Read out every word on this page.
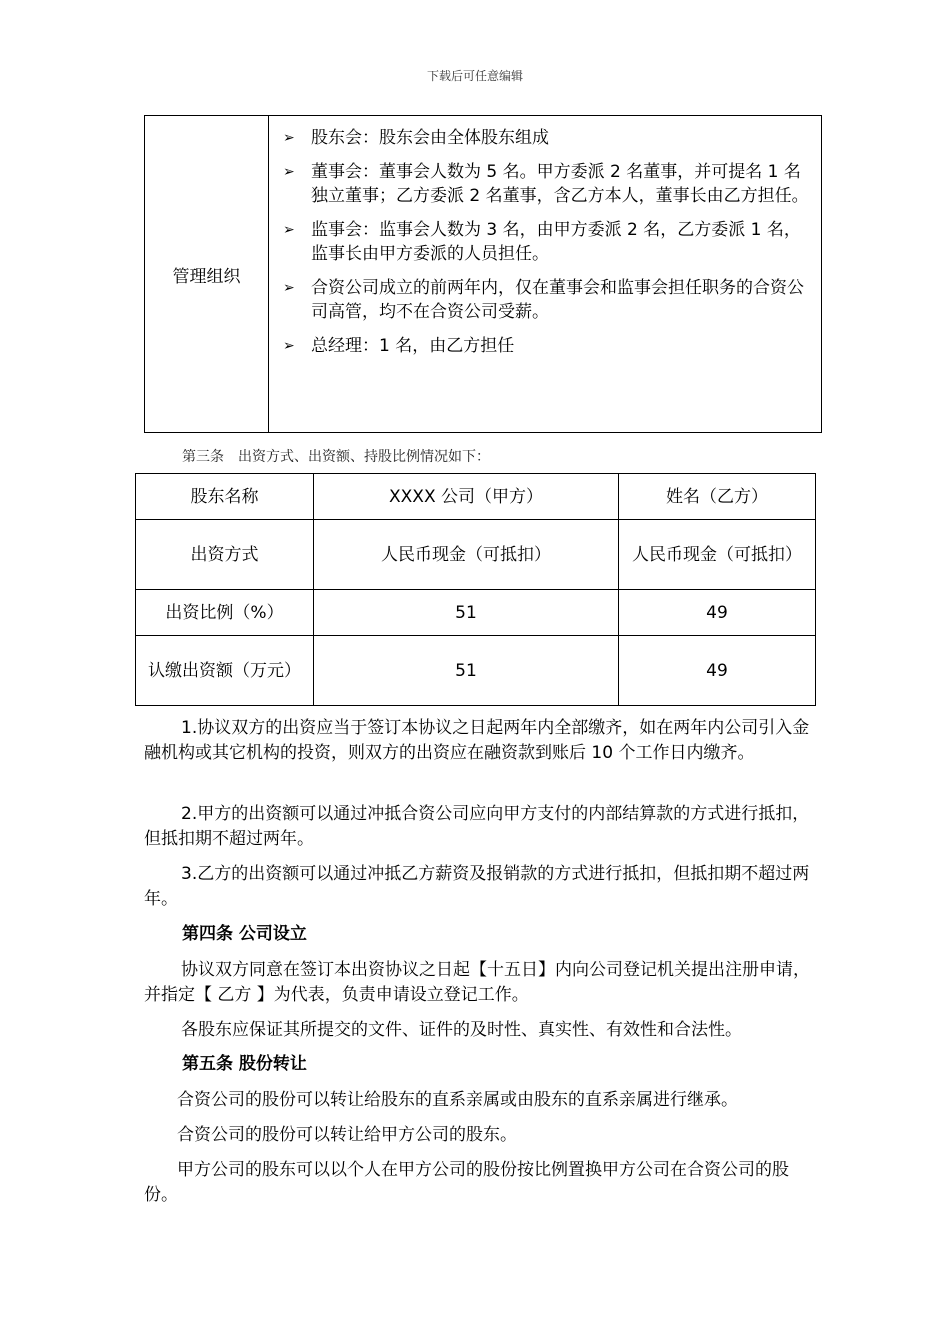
下载后可任意编辑
管理组织
➢ 股东会：股东会由全体股东组成
➢ 董事会：董事会人数为 5 名。甲方委派 2 名董事，并可提名 1 名独立董事；乙方委派 2 名董事，含乙方本人，董事长由乙方担任。
➢ 监事会：监事会人数为 3 名，由甲方委派 2 名，乙方委派 1 名，监事长由甲方委派的人员担任。
➢ 合资公司成立的前两年内，仅在董事会和监事会担任职务的合资公司高管，均不在合资公司受薪。
➢ 总经理：1 名，由乙方担任
第三条　出资方式、出资额、持股比例情况如下：
股东名称	XXXX 公司（甲方）	姓名（乙方）
出资方式	人民币现金（可抵扣）	人民币现金（可抵扣）
出资比例（%）	51	49
认缴出资额（万元）	51	49
1.协议双方的出资应当于签订本协议之日起两年内全部缴齐，如在两年内公司引入金融机构或其它机构的投资，则双方的出资应在融资款到账后 10 个工作日内缴齐。
2.甲方的出资额可以通过冲抵合资公司应向甲方支付的内部结算款的方式进行抵扣，但抵扣期不超过两年。
3.乙方的出资额可以通过冲抵乙方薪资及报销款的方式进行抵扣，但抵扣期不超过两年。
第四条 公司设立
协议双方同意在签订本出资协议之日起【十五日】内向公司登记机关提出注册申请，并指定【 乙方 】为代表，负责申请设立登记工作。
各股东应保证其所提交的文件、证件的及时性、真实性、有效性和合法性。
第五条 股份转让
合资公司的股份可以转让给股东的直系亲属或由股东的直系亲属进行继承。
合资公司的股份可以转让给甲方公司的股东。
甲方公司的股东可以以个人在甲方公司的股份按比例置换甲方公司在合资公司的股份。
